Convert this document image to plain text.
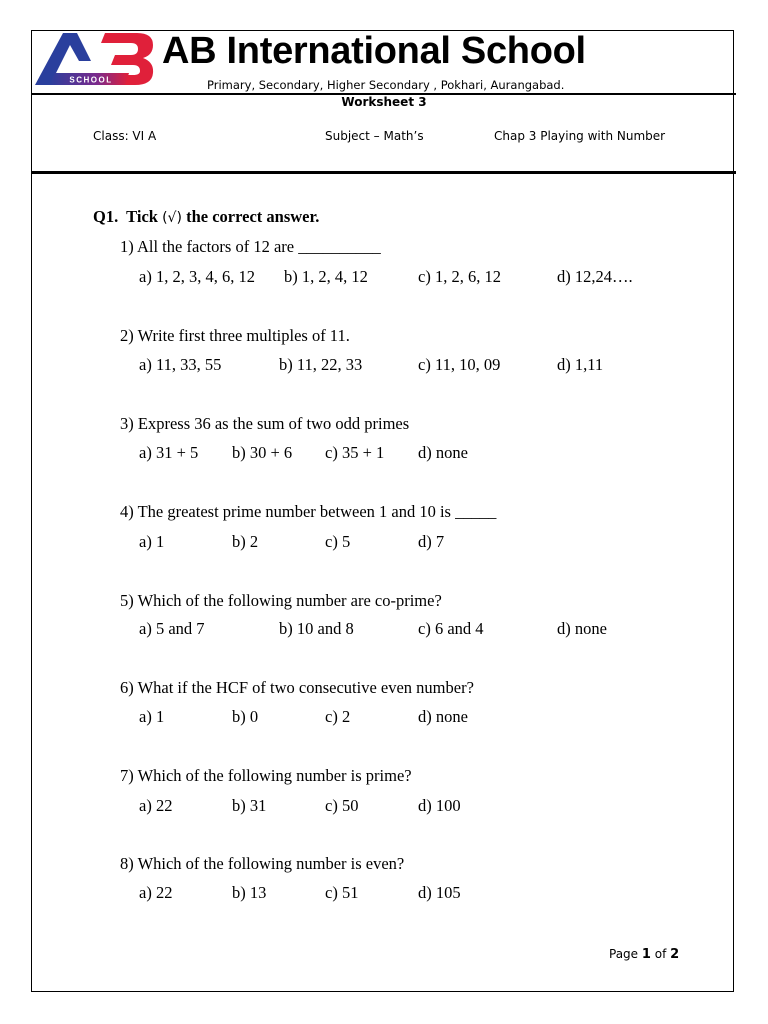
SCHOOL
AB International School
Primary, Secondary, Higher Secondary , Pokhari, Aurangabad.
Worksheet 3
Class: VI A	Subject – Math’s	Chap 3 Playing with Number
Q1. Tick (√) the correct answer.
1) All the factors of 12 are __________
a) 1, 2, 3, 4, 6, 12 b) 1, 2, 4, 12	c) 1, 2, 6, 12	d) 12,24….
2) Write first three multiples of 11.
a) 11, 33, 55	b) 11, 22, 33	c) 11, 10, 09	d) 1,11
3) Express 36 as the sum of two odd primes
a) 31 + 5 b) 30 + 6 c) 35 + 1 d) none
4) The greatest prime number between 1 and 10 is _____
a) 1	b) 2	c) 5	d) 7
5) Which of the following number are co-prime?
a) 5 and 7	b) 10 and 8	c) 6 and 4	d) none
6) What if the HCF of two consecutive even number?
a) 1	b) 0	c) 2	d) none
7) Which of the following number is prime?
a) 22	b) 31	c) 50	d) 100
8) Which of the following number is even?
a) 22	b) 13	c) 51	d) 105
Page 1 of 2
